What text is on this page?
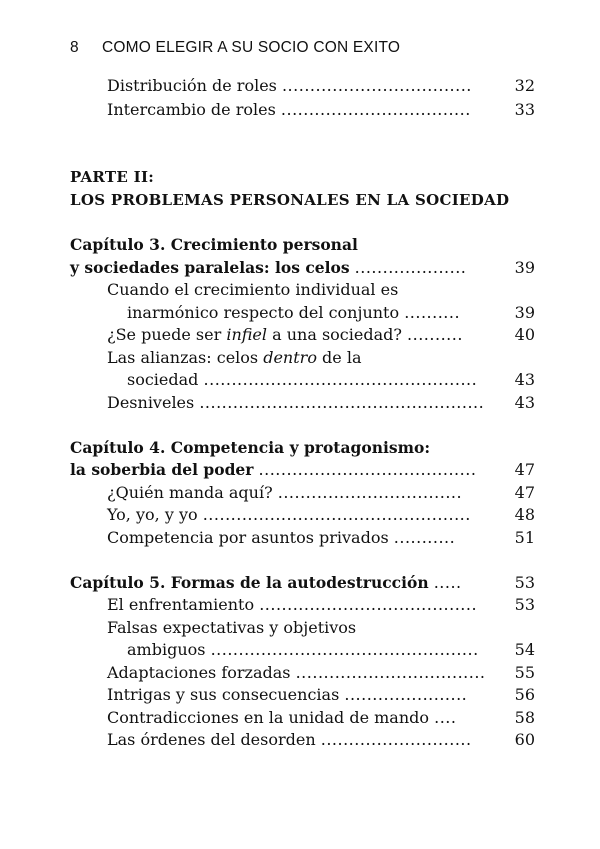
8 COMO ELEGIR A SU SOCIO CON EXITO
Distribución de roles ..................................	32
Intercambio de roles ..................................	33
PARTE II:
LOS PROBLEMAS PERSONALES EN LA SOCIEDAD
Capítulo 3. Crecimiento personal
y sociedades paralelas: los celos ....................	39
Cuando el crecimiento individual es
inarmónico respecto del conjunto ..........	39
¿Se puede ser infiel a una sociedad? ..........	40
Las alianzas: celos dentro de la
sociedad .................................................	43
Desniveles ...................................................	43
Capítulo 4. Competencia y protagonismo:
la soberbia del poder .......................................	47
¿Quién manda aquí? .................................	47
Yo, yo, y yo ................................................	48
Competencia por asuntos privados ...........	51
Capítulo 5. Formas de la autodestrucción .....	53
El enfrentamiento .......................................	53
Falsas expectativas y objetivos
ambiguos ................................................	54
Adaptaciones forzadas ..................................	55
Intrigas y sus consecuencias ......................	56
Contradicciones en la unidad de mando ....	58
Las órdenes del desorden ...........................	60
